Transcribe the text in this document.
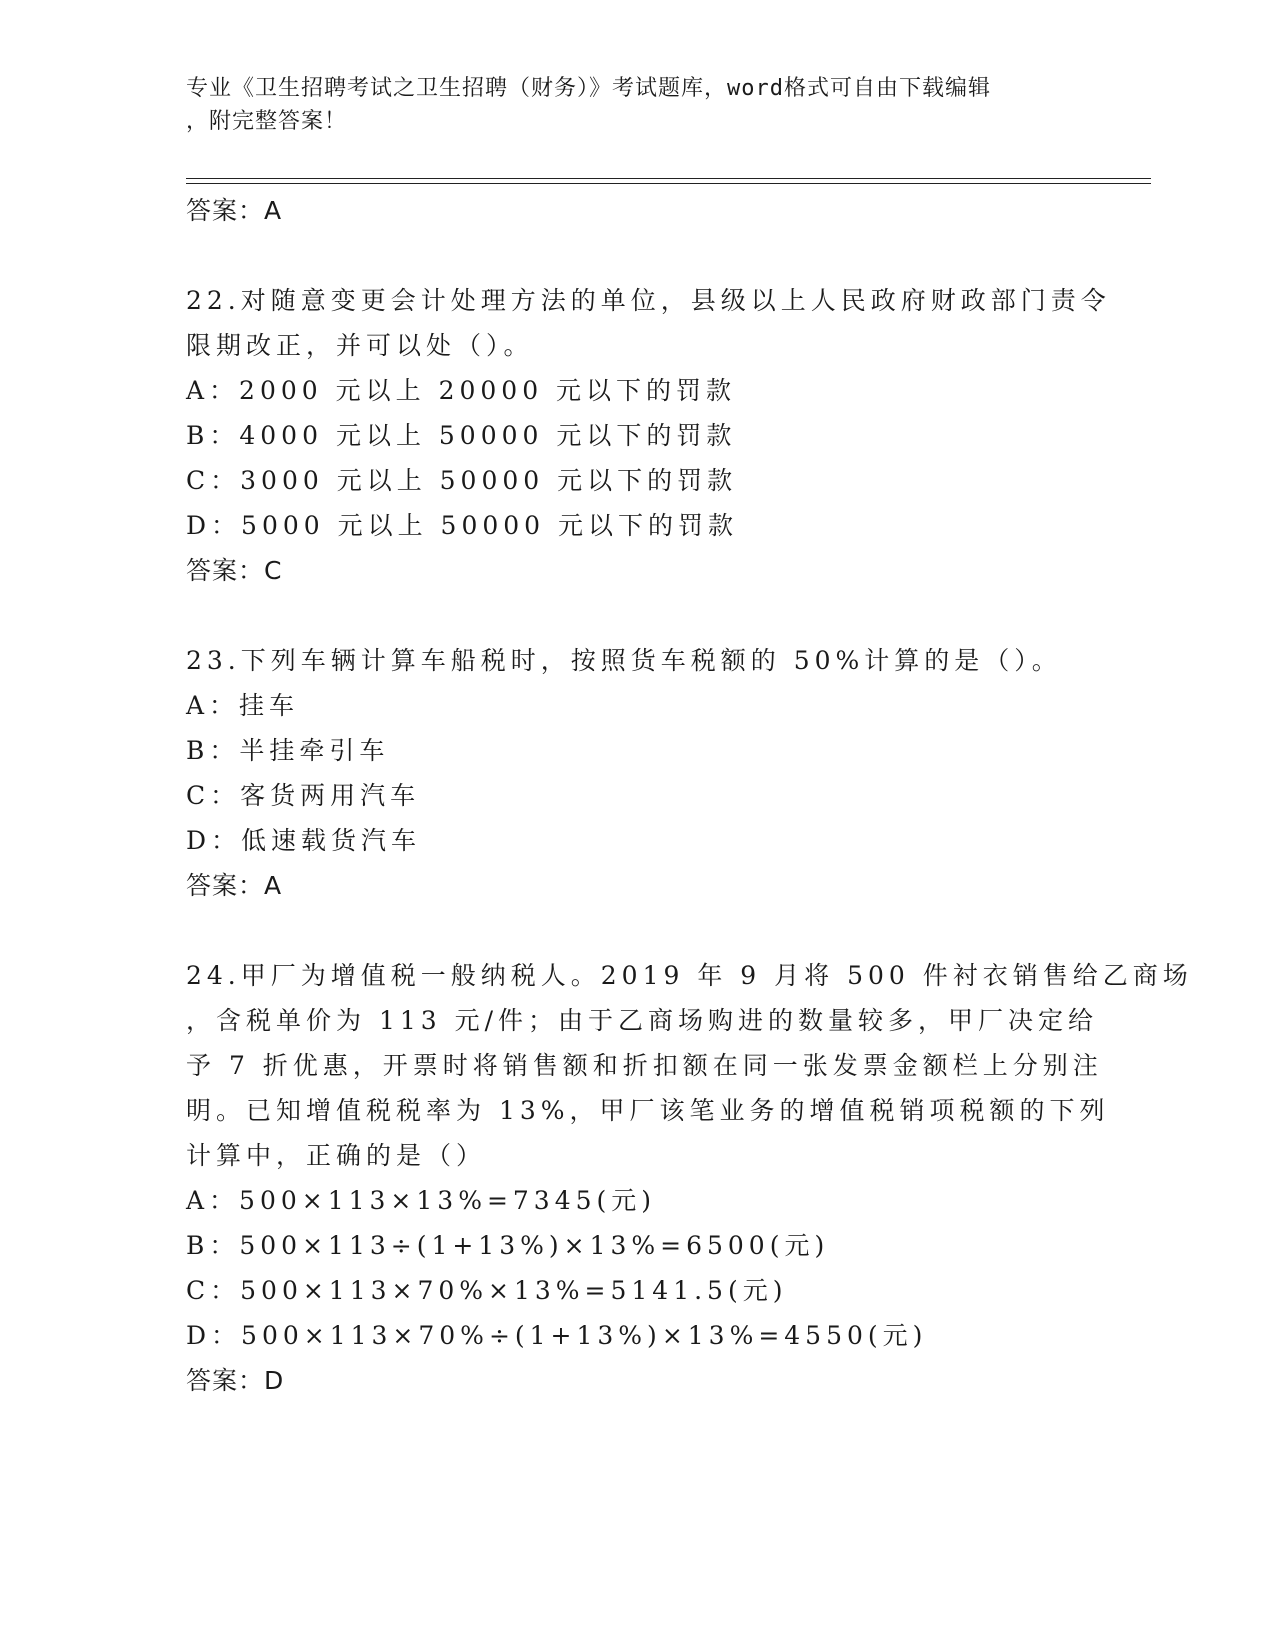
专业《卫生招聘考试之卫生招聘（财务）》考试题库，word格式可自由下载编辑
，附完整答案！
答案：A
22.对随意变更会计处理方法的单位，县级以上人民政府财政部门责令
限期改正，并可以处（）。
A：2000 元以上 20000 元以下的罚款
B：4000 元以上 50000 元以下的罚款
C：3000 元以上 50000 元以下的罚款
D：5000 元以上 50000 元以下的罚款
答案：C
23.下列车辆计算车船税时，按照货车税额的 50%计算的是（）。
A：挂车
B：半挂牵引车
C：客货两用汽车
D：低速载货汽车
答案：A
24.甲厂为增值税一般纳税人。2019 年 9 月将 500 件衬衣销售给乙商场
，含税单价为 113 元/件；由于乙商场购进的数量较多，甲厂决定给
予 7 折优惠，开票时将销售额和折扣额在同一张发票金额栏上分别注
明。已知增值税税率为 13%，甲厂该笔业务的增值税销项税额的下列
计算中，正确的是（）
A：500×113×13%=7345(元)
B：500×113÷(1+13%)×13%=6500(元)
C：500×113×70%×13%=5141.5(元)
D：500×113×70%÷(1+13%)×13%=4550(元)
答案：D
